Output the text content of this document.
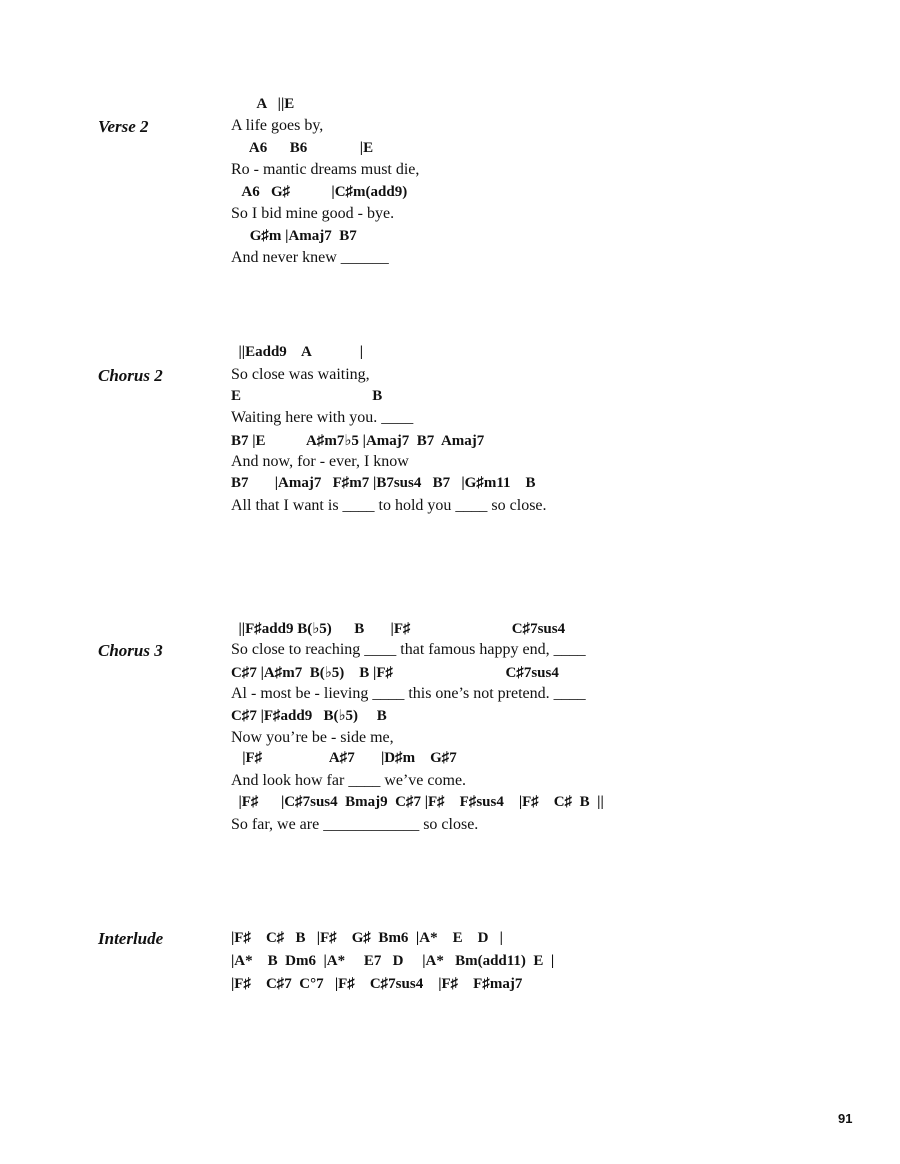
Verse 2
A   ||E
A life goes by,
A6      B6              |E
Ro - mantic dreams must die,
A6   G♯           |C♯m(add9)
So I bid mine good - bye.
G♯m |Amaj7  B7
And never knew ______
Chorus 2
||Eadd9    A             |
So close was waiting,
E                                   B
Waiting here with you. ____
B7 |E           A♯m7♭5 |Amaj7  B7  Amaj7
And now, for - ever, I know
B7       |Amaj7   F♯m7 |B7sus4   B7   |G♯m11    B
All that I want is ____ to hold you ____ so close.
Chorus 3
||F♯add9 B(♭5)      B       |F♯                           C♯7sus4
So close to reaching ____ that famous happy end, ____
C♯7 |A♯m7  B(♭5)    B |F♯                              C♯7sus4
Al - most be - lieving ____ this one’s not pretend. ____
C♯7 |F♯add9   B(♭5)     B
Now you’re be - side me,
|F♯                  A♯7       |D♯m    G♯7
And look how far ____ we’ve come.
|F♯      |C♯7sus4  Bmaj9  C♯7 |F♯    F♯sus4    |F♯    C♯  B  ||
So far, we are ____________ so close.
Interlude	|F♯    C♯   B   |F♯    G♯  Bm6  |A*    E    D   |
|A*    B  Dm6  |A*     E7   D     |A*   Bm(add11)  E  |
|F♯    C♯7  C°7   |F♯    C♯7sus4    |F♯    F♯maj7
91
